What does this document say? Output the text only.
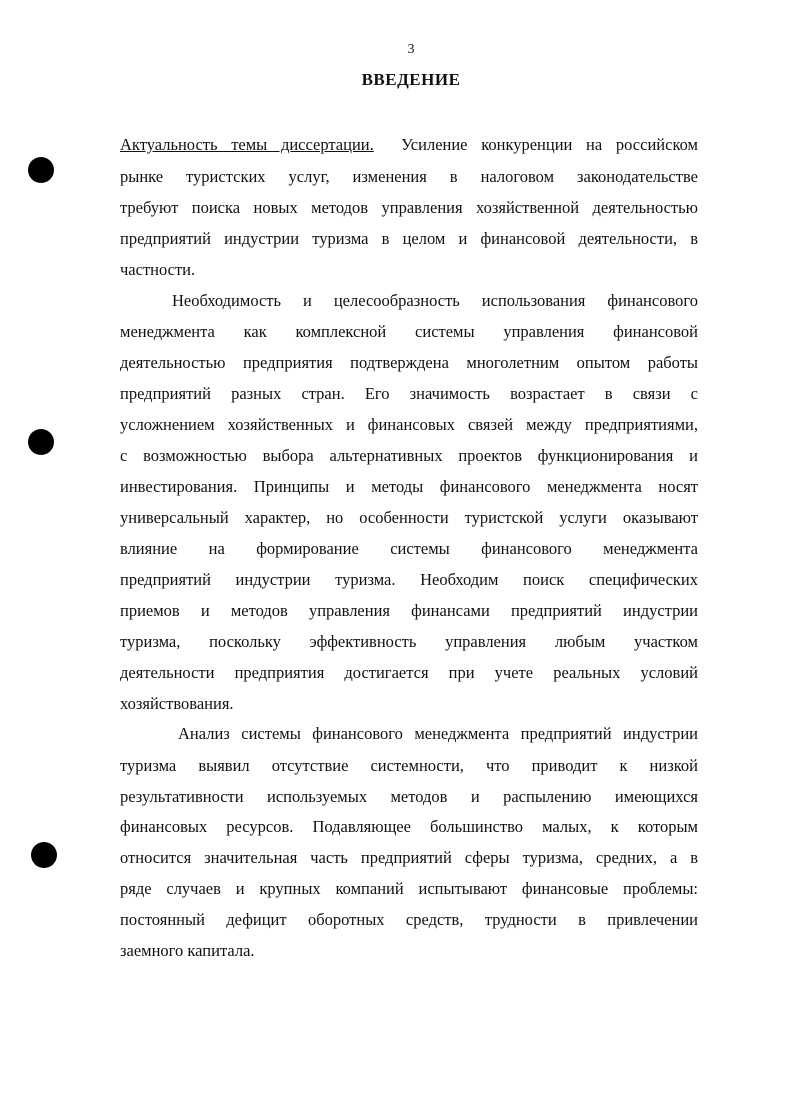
3
ВВЕДЕНИЕ
Актуальность темы диссертации. Усиление конкуренции на российском
рынке туристских услуг, изменения в налоговом законодательстве
требуют поиска новых методов управления хозяйственной деятельностью
предприятий индустрии туризма в целом и финансовой деятельности, в
частности.
Необходимость и целесообразность использования финансового
менеджмента как комплексной системы управления финансовой
деятельностью предприятия подтверждена многолетним опытом работы
предприятий разных стран. Его значимость возрастает в связи с
усложнением хозяйственных и финансовых связей между предприятиями,
с возможностью выбора альтернативных проектов функционирования и
инвестирования. Принципы и методы финансового менеджмента носят
универсальный характер, но особенности туристской услуги оказывают
влияние на формирование системы финансового менеджмента
предприятий индустрии туризма. Необходим поиск специфических
приемов и методов управления финансами предприятий индустрии
туризма, поскольку эффективность управления любым участком
деятельности предприятия достигается при учете реальных условий
хозяйствования.
Анализ системы финансового менеджмента предприятий индустрии
туризма выявил отсутствие системности, что приводит к низкой
результативности используемых методов и распылению имеющихся
финансовых ресурсов. Подавляющее большинство малых, к которым
относится значительная часть предприятий сферы туризма, средних, а в
ряде случаев и крупных компаний испытывают финансовые проблемы:
постоянный дефицит оборотных средств, трудности в привлечении
заемного капитала.
